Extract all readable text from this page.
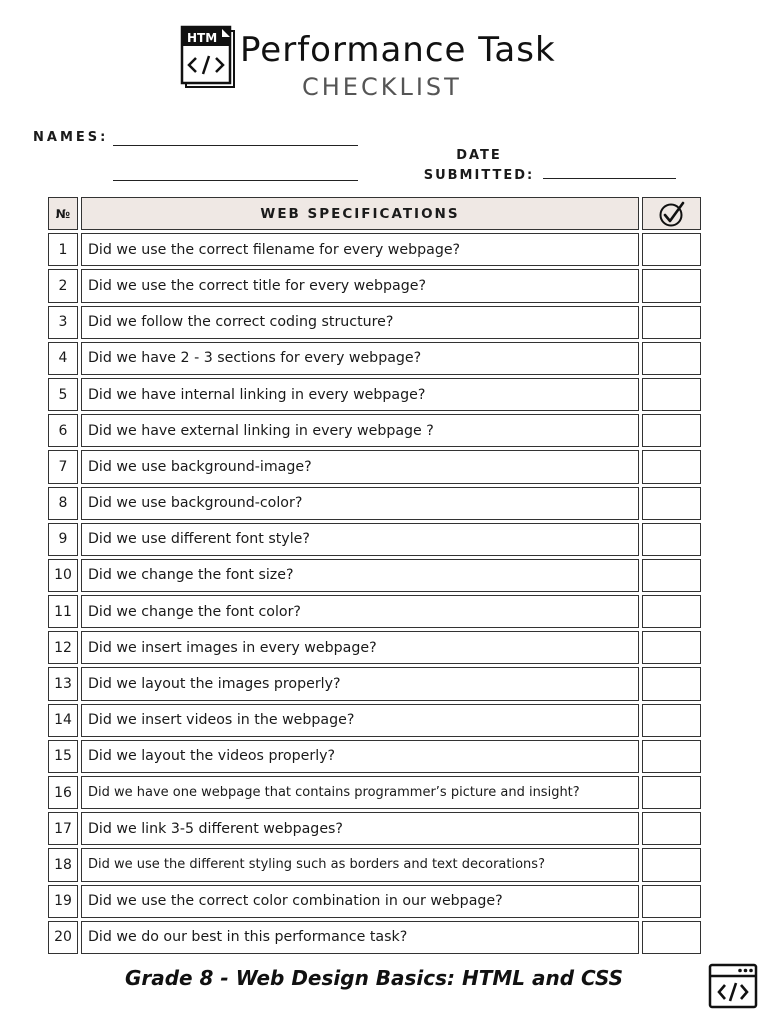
HTM Performance Task
CHECKLIST
NAMES:
DATE
SUBMITTED:
№	WEB SPECIFICATIONS
1	Did we use the correct filename for every webpage?
2	Did we use the correct title for every webpage?
3	Did we follow the correct coding structure?
4	Did we have 2 - 3 sections for every webpage?
5	Did we have internal linking in every webpage?
6	Did we have external linking in every webpage ?
7	Did we use background-image?
8	Did we use background-color?
9	Did we use different font style?
10	Did we change the font size?
11	Did we change the font color?
12	Did we insert images in every webpage?
13	Did we layout the images properly?
14	Did we insert videos in the webpage?
15	Did we layout the videos properly?
16	Did we have one webpage that contains programmer’s picture and insight?
17	Did we link 3-5 different webpages?
18	Did we use the different styling such as borders and text decorations?
19	Did we use the correct color combination in our webpage?
20	Did we do our best in this performance task?
Grade 8 - Web Design Basics: HTML and CSS
